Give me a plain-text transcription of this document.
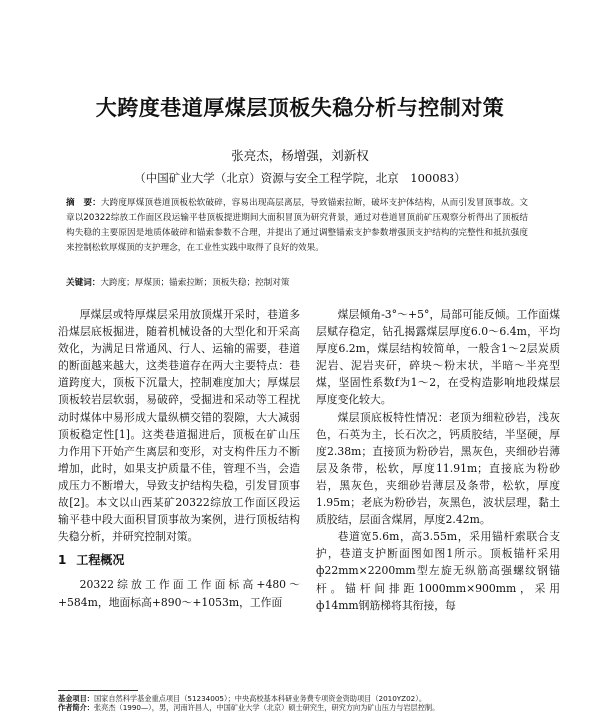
大跨度巷道厚煤层顶板失稳分析与控制对策
张亮杰，杨增强，刘新权
（中国矿业大学（北京）资源与安全工程学院，北京　100083）
摘　要：大跨度厚煤顶巷道顶板松软破碎，容易出现高层离层，导致锚索拉断，破坏支护体结构，从而引发冒顶事故。文章以20322综放工作面区段运输平巷顶板提进期间大面积冒顶为研究背景，通过对巷道冒顶前矿压观察分析得出了顶板结构失稳的主要原因是地质体破碎和锚索参数不合理，并提出了通过调整锚索支护参数增强顶支护结构的完整性和抵抗强度来控制松软厚煤顶的支护理念，在工业性实践中取得了良好的效果。
关键词：大跨度；厚煤顶；锚索拉断；顶板失稳；控制对策

厚煤层或特厚煤层采用放顶煤开采时，巷道多沿煤层底板掘进，随着机械设备的大型化和开采高效化，为满足日常通风、行人、运输的需要，巷道的断面越来越大，这类巷道存在两大主要特点：巷道跨度大，顶板下沉量大，控制难度加大；厚煤层顶板较岩层软弱，易破碎，受掘进和采动等工程扰动时煤体中易形成大量纵横交错的裂隙，大大减弱顶板稳定性[1]。这类巷道掘进后，顶板在矿山压力作用下开始产生离层和变形，对支构件压力不断增加，此时，如果支护质量不佳，管理不当，会造成压力不断增大，导致支护结构失稳，引发冒顶事故[2]。本文以山西某矿20322综放工作面区段运输平巷中段大面积冒顶事故为案例，进行顶板结构失稳分析，并研究控制对策。

1 工程概况

20322综放工作面工作面标高+480～+584m，地面标高+890～+1053m，工作面

煤层倾角-3°～+5°，局部可能反倾。工作面煤层赋存稳定，钻孔揭露煤层厚度6.0～6.4m，平均厚度6.2m，煤层结构较简单，一般含1～2层炭质泥岩、泥岩夹矸，碎块～粉末状，半暗～半亮型煤，坚固性系数f为1～2，在受构造影响地段煤层厚度变化较大。

煤层顶底板特性情况：老顶为细粒砂岩，浅灰色，石英为主，长石次之，钙质胶结，半坚硬，厚度2.38m；直接顶为粉砂岩，黑灰色，夹细砂岩薄层及条带，松软，厚度11.91m；直接底为粉砂岩，黑灰色，夹细砂岩薄层及条带，松软，厚度1.95m；老底为粉砂岩，灰黑色，波状层理，黏土质胶结，层面含煤屑，厚度2.42m。

巷道宽5.6m，高3.55m，采用锚杆索联合支护，巷道支护断面图如图1所示。顶板锚杆采用ф22mm×2200mm型左旋无纵筋高强螺纹钢锚杆。锚杆间排距1000mm×900mm，采用ф14mm钢筋梯将其衔接，每

基金项目：国家自然科学基金重点项目（51234005）；中央高校基本科研业务费专项资金资助项目（2010YZ02）。
作者简介：张亮杰（1990—），男，河南许昌人，中国矿业大学（北京）硕士研究生，研究方向为矿山压力与岩层控制。
